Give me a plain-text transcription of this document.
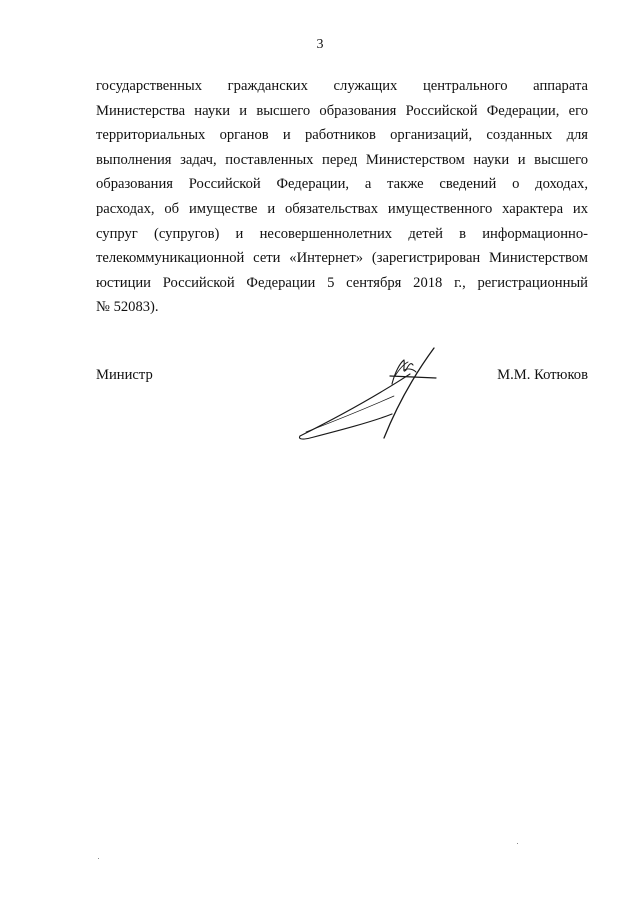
3
государственных гражданских служащих центрального аппарата
Министерства науки и высшего образования Российской Федерации, его
территориальных органов и работников организаций, созданных для
выполнения задач, поставленных перед Министерством науки и высшего
образования Российской Федерации, а также сведений о доходах,
расходах, об имуществе и обязательствах имущественного характера их
супруг (супругов) и несовершеннолетних детей в информационно-
телекоммуникационной сети «Интернет» (зарегистрирован Министерством
юстиции Российской Федерации 5 сентября 2018 г., регистрационный
№ 52083).
Министр	М.М. Котюков
